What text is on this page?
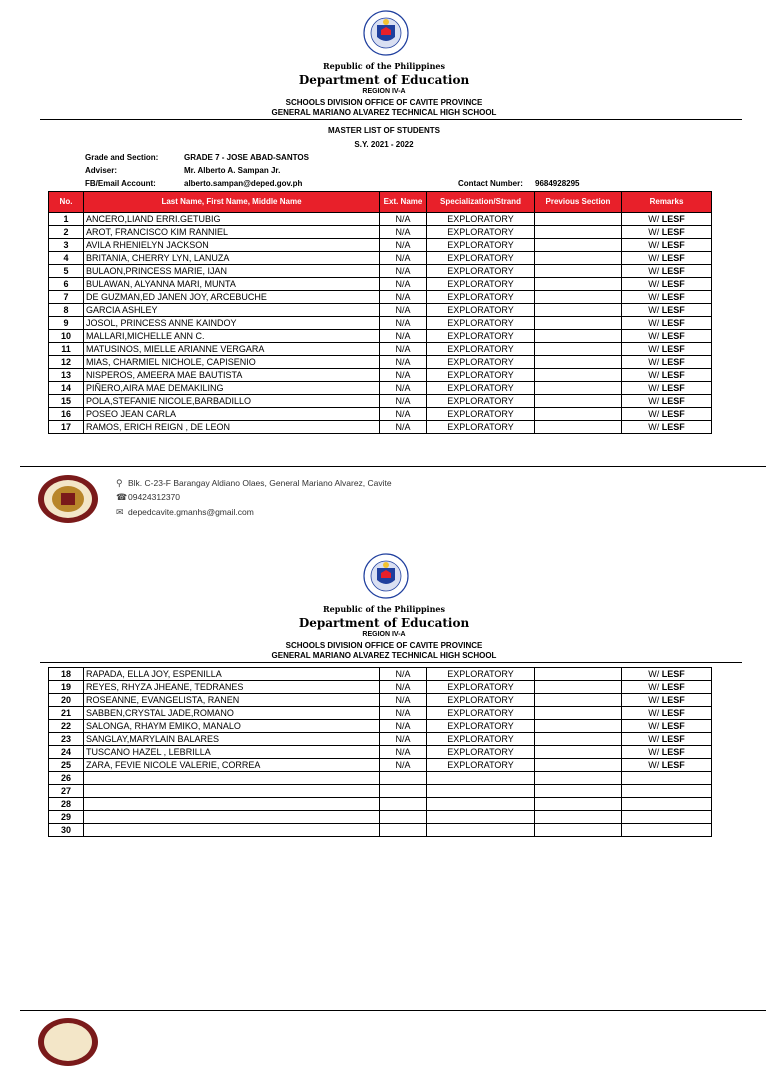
Republic of the Philippines
Department of Education
REGION IV-A
SCHOOLS DIVISION OFFICE OF CAVITE PROVINCE
GENERAL MARIANO ALVAREZ TECHNICAL HIGH SCHOOL
MASTER LIST OF STUDENTS
S.Y. 2021 - 2022
Grade and Section:	GRADE 7 - JOSE ABAD-SANTOS
Adviser:	Mr. Alberto A. Sampan Jr.
FB/Email Account:	alberto.sampan@deped.gov.ph	Contact Number: 9684928295
No.	Last Name, First Name, Middle Name	Ext. Name	Specialization/Strand	Previous Section	Remarks
1	ANCERO,LIAND ERRI.GETUBIG	N/A	EXPLORATORY		W/ LESF
2	AROT, FRANCISCO KIM RANNIEL	N/A	EXPLORATORY		W/ LESF
3	AVILA RHENIELYN JACKSON	N/A	EXPLORATORY		W/ LESF
4	BRITANIA, CHERRY LYN, LANUZA	N/A	EXPLORATORY		W/ LESF
5	BULAON,PRINCESS MARIE, IJAN	N/A	EXPLORATORY		W/ LESF
6	BULAWAN, ALYANNA MARI, MUNTA	N/A	EXPLORATORY		W/ LESF
7	DE GUZMAN,ED JANEN JOY, ARCEBUCHE	N/A	EXPLORATORY		W/ LESF
8	GARCIA ASHLEY	N/A	EXPLORATORY		W/ LESF
9	JOSOL, PRINCESS ANNE KAINDOY	N/A	EXPLORATORY		W/ LESF
10	MALLARI,MICHELLE ANN C.	N/A	EXPLORATORY		W/ LESF
11	MATUSINOS, MIELLE ARIANNE VERGARA	N/A	EXPLORATORY		W/ LESF
12	MIAS, CHARMIEL NICHOLE, CAPISENIO	N/A	EXPLORATORY		W/ LESF
13	NISPEROS, AMEERA MAE BAUTISTA	N/A	EXPLORATORY		W/ LESF
14	PIÑERO,AIRA MAE DEMAKILING	N/A	EXPLORATORY		W/ LESF
15	POLA,STEFANIE NICOLE,BARBADILLO	N/A	EXPLORATORY		W/ LESF
16	POSEO JEAN CARLA	N/A	EXPLORATORY		W/ LESF
17	RAMOS, ERICH REIGN , DE LEON	N/A	EXPLORATORY		W/ LESF
⚲ Blk. C-23-F Barangay Aldiano Olaes, General Mariano Alvarez, Cavite
☎09424312370
✉ depedcavite.gmanhs@gmail.com
Republic of the Philippines
Department of Education
REGION IV-A
SCHOOLS DIVISION OFFICE OF CAVITE PROVINCE
GENERAL MARIANO ALVAREZ TECHNICAL HIGH SCHOOL
18	RAPADA, ELLA JOY, ESPENILLA	N/A	EXPLORATORY		W/ LESF
19	REYES, RHYZA JHEANE, TEDRANES	N/A	EXPLORATORY		W/ LESF
20	ROSEANNE, EVANGELISTA, RANEN	N/A	EXPLORATORY		W/ LESF
21	SABBEN,CRYSTAL JADE,ROMANO	N/A	EXPLORATORY		W/ LESF
22	SALONGA, RHAYM EMIKO, MANALO	N/A	EXPLORATORY		W/ LESF
23	SANGLAY,MARYLAIN BALARES	N/A	EXPLORATORY		W/ LESF
24	TUSCANO HAZEL , LEBRILLA	N/A	EXPLORATORY		W/ LESF
25	ZARA, FEVIE NICOLE VALERIE, CORREA	N/A	EXPLORATORY		W/ LESF
26					
27					
28					
29					
30					
